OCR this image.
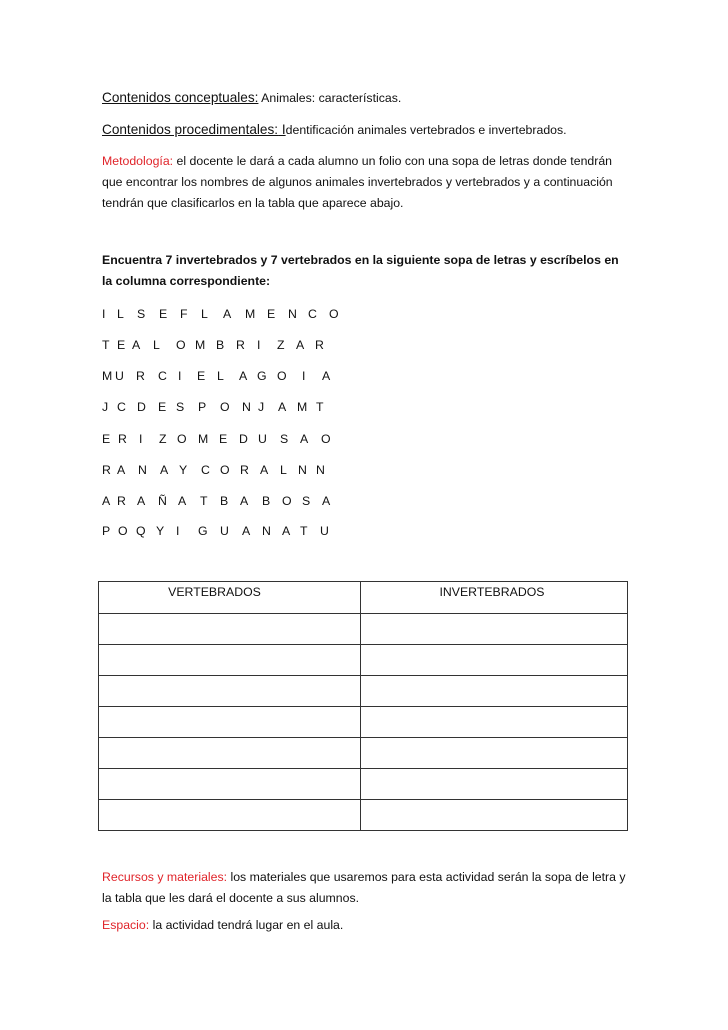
Contenidos conceptuales: Animales: características.
Contenidos procedimentales: Identificación animales vertebrados e invertebrados.
Metodología: el docente le dará a cada alumno un folio con una sopa de letras donde tendrán que encontrar los nombres de algunos animales invertebrados y vertebrados y a continuación tendrán que clasificarlos en la tabla que aparece abajo.
Encuentra 7 invertebrados y 7 vertebrados en la siguiente sopa de letras y escríbelos en la columna correspondiente:
I L S E F L A M E N C O
T E A L O M B R I Z A R
M U R C I E L A G O I A
J C D E S P O N J A M T
E R I Z O M E D U S A O
R A N A Y C O R A L N N
A R A Ñ A T B A B O S A
P O Q Y I G U A N A T U
VERTEBRADOS	INVERTEBRADOS

Recursos y materiales: los materiales que usaremos para esta actividad serán la sopa de letra y la tabla que les dará el docente a sus alumnos.
Espacio: la actividad tendrá lugar en el aula.
